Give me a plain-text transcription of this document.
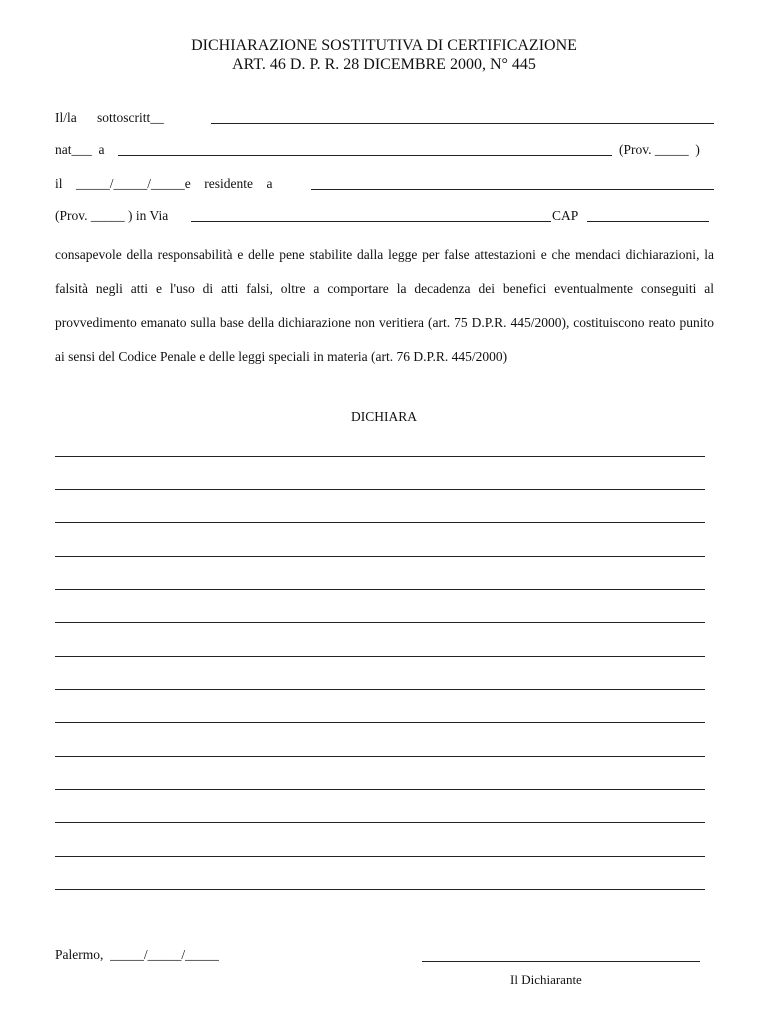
DICHIARAZIONE SOSTITUTIVA DI CERTIFICAZIONE
ART. 46 D. P. R. 28 DICEMBRE 2000, N° 445
Il/la      sottoscritt__
nat___  a	(Prov. _____  )
il    _____/_____/_____e    residente    a
(Prov. _____ ) in Via	CAP
consapevole della responsabilità e delle pene stabilite dalla legge per false attestazioni e che mendaci dichiarazioni, la falsità negli atti e l'uso di atti falsi, oltre a comportare la decadenza dei benefici eventualmente conseguiti al provvedimento emanato sulla base della dichiarazione non veritiera (art. 75 D.P.R. 445/2000), costituiscono reato punito ai sensi del Codice Penale e delle leggi speciali in materia (art. 76 D.P.R. 445/2000)
DICHIARA
Palermo,  _____/_____/_____
Il Dichiarante
